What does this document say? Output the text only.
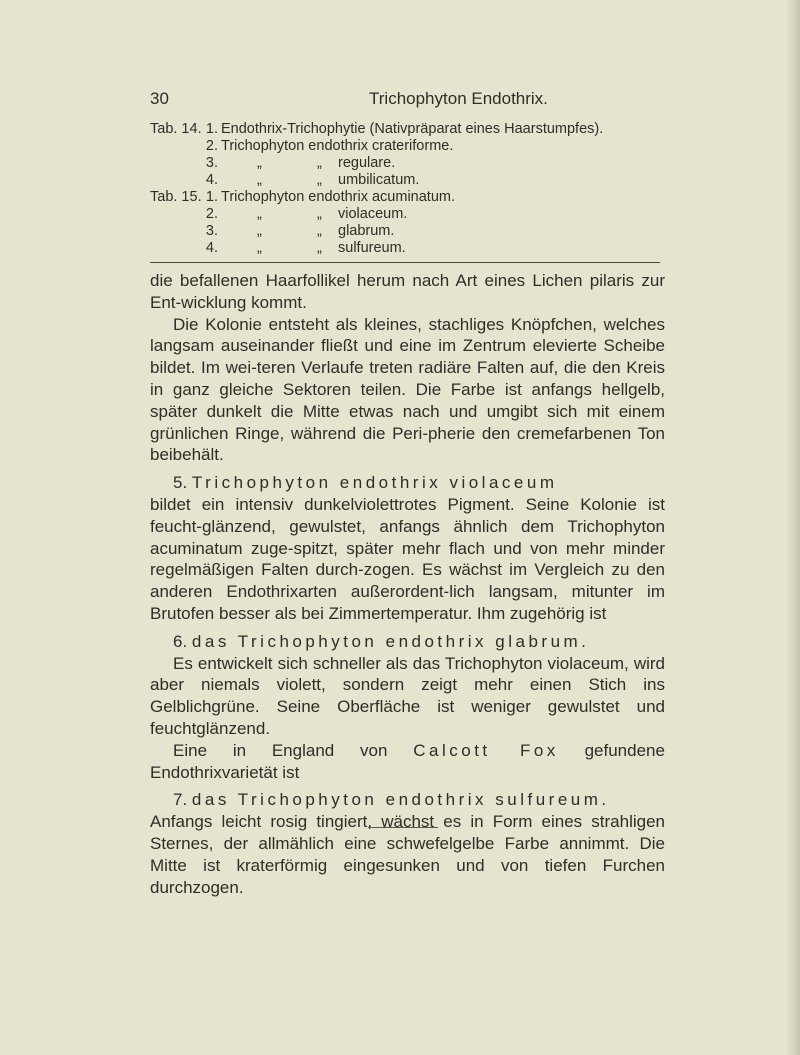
30	Trichophyton Endothrix.
Tab. 14. 1. Endothrix-Trichophytie (Nativpräparat eines Haarstumpfes).
2. Trichophyton endothrix crateriforme.
3.	„	„ regulare.
4.	„	„ umbilicatum.
Tab. 15. 1. Trichophyton endothrix acuminatum.
2.	„	„ violaceum.
3.	„	„ glabrum.
4.	„	„ sulfureum.

die befallenen Haarfollikel herum nach Art eines Lichen pilaris zur Ent-wicklung kommt.

Die Kolonie entsteht als kleines, stachliges Knöpfchen, welches langsam auseinander fließt und eine im Zentrum elevierte Scheibe bildet. Im wei-teren Verlaufe treten radiäre Falten auf, die den Kreis in ganz gleiche Sektoren teilen. Die Farbe ist anfangs hellgelb, später dunkelt die Mitte etwas nach und umgibt sich mit einem grünlichen Ringe, während die Peri-pherie den cremefarbenen Ton beibehält.

5. Trichophyton endothrix violaceum

bildet ein intensiv dunkelviolettrotes Pigment. Seine Kolonie ist feucht-glänzend, gewulstet, anfangs ähnlich dem Trichophyton acuminatum zuge-spitzt, später mehr flach und von mehr minder regelmäßigen Falten durch-zogen. Es wächst im Vergleich zu den anderen Endothrixarten außerordent-lich langsam, mitunter im Brutofen besser als bei Zimmertemperatur. Ihm zugehörig ist

6. das Trichophyton endothrix glabrum.

Es entwickelt sich schneller als das Trichophyton violaceum, wird aber niemals violett, sondern zeigt mehr einen Stich ins Gelblichgrüne. Seine Oberfläche ist weniger gewulstet und feuchtglänzend.

Eine in England von Calcott Fox gefundene Endothrixvarietät ist

7. das Trichophyton endothrix sulfureum.

Anfangs leicht rosig tingiert, wächst es in Form eines strahligen Sternes, der allmählich eine schwefelgelbe Farbe annimmt. Die Mitte ist kraterförmig eingesunken und von tiefen Furchen durchzogen.
